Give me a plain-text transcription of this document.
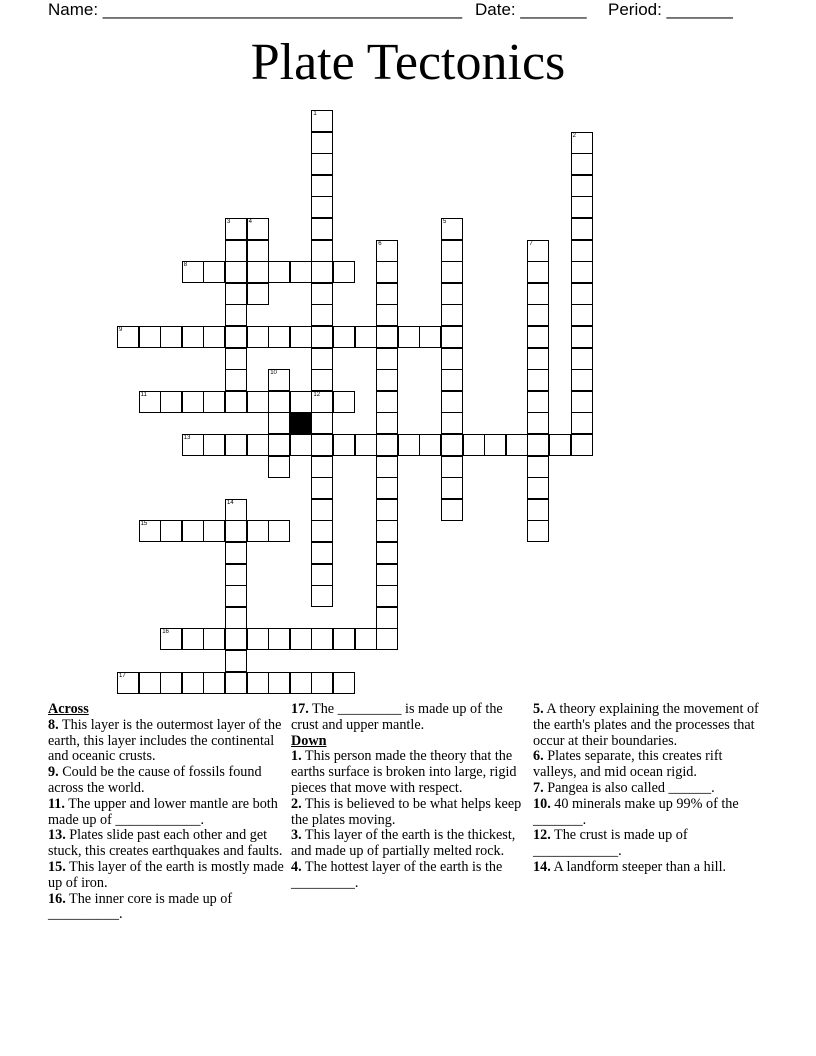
Name: ______________________________________ Date: _______ Period: _______
Plate Tectonics
1
12
2
3	4	5
6	7
8
9
10
11
13
14
15
16
17
Across
8. This layer is the outermost layer of the earth, this layer includes the continental and oceanic crusts.
9. Could be the cause of fossils found across the world.
11. The upper and lower mantle are both made up of ____________.
13. Plates slide past each other and get stuck, this creates earthquakes and faults.
15. This layer of the earth is mostly made up of iron.
16. The inner core is made up of __________.
17. The _________ is made up of the crust and upper mantle.
Down
1. This person made the theory that the earths surface is broken into large, rigid pieces that move with respect.
2. This is believed to be what helps keep the plates moving.
3. This layer of the earth is the thickest, and made up of partially melted rock.
4. The hottest layer of the earth is the _________.
5. A theory explaining the movement of the earth's plates and the processes that occur at their boundaries.
6. Plates separate, this creates rift valleys, and mid ocean rigid.
7. Pangea is also called ______.
10. 40 minerals make up 99% of the _______.
12. The crust is made up of ____________.
14. A landform steeper than a hill.
